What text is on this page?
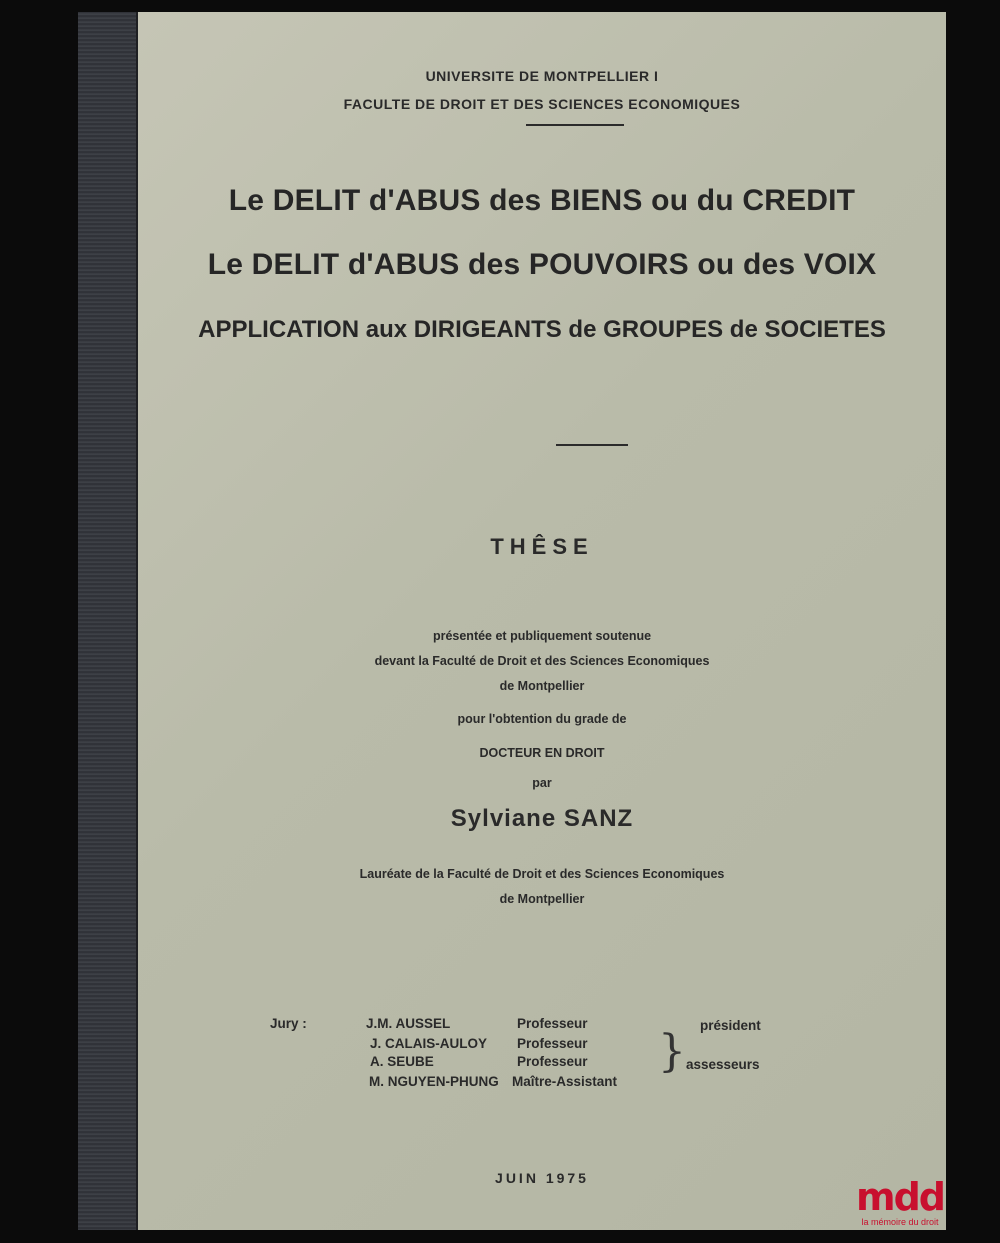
UNIVERSITE DE MONTPELLIER I
FACULTE DE DROIT ET DES SCIENCES ECONOMIQUES
Le DELIT d'ABUS des BIENS ou du CREDIT
Le DELIT d'ABUS des POUVOIRS ou des VOIX
APPLICATION aux DIRIGEANTS de GROUPES de SOCIETES
THÊSE
présentée et publiquement soutenue
devant la Faculté de Droit et des Sciences Economiques
de Montpellier
pour l'obtention du grade de
DOCTEUR EN DROIT
par
Sylviane SANZ
Lauréate de la Faculté de Droit et des Sciences Economiques
de Montpellier
Jury :	J.M. AUSSEL	Professeur	président
J. CALAIS-AULOY Professeur
A. SEUBE	Professeur	assesseurs
M. NGUYEN-PHUNG Maître-Assistant
}
JUIN 1975	mdd
la mémoire du droit
